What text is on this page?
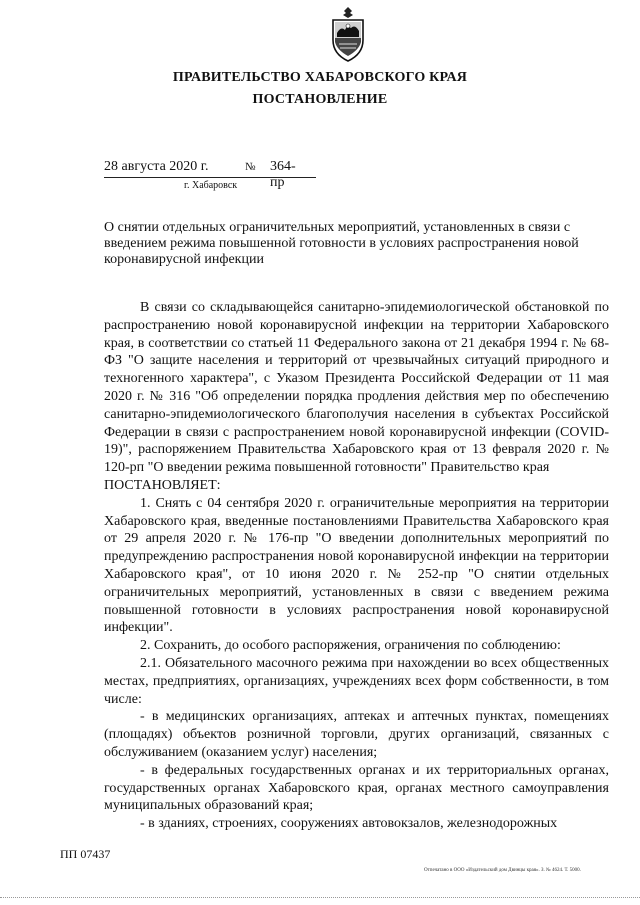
ПРАВИТЕЛЬСТВО ХАБАРОВСКОГО КРАЯ
ПОСТАНОВЛЕНИЕ
28 августа 2020 г.	№ 364-пр
г. Хабаровск
О снятии отдельных ограничительных мероприятий, установленных в связи с введением режима повышенной готовности в условиях распространения новой коронавирусной инфекции

В связи со складывающейся санитарно-эпидемиологической обстановкой по распространению новой коронавирусной инфекции на территории Хабаровского края, в соответствии со статьей 11 Федерального закона от 21 декабря 1994 г. № 68-ФЗ "О защите населения и территорий от чрезвычайных ситуаций природного и техногенного характера", с Указом Президента Российской Федерации от 11 мая 2020 г. № 316 "Об определении порядка продления действия мер по обеспечению санитарно-эпидемиологического благополучия населения в субъектах Российской Федерации в связи с распространением новой коронавирусной инфекции (COVID-19)", распоряжением Правительства Хабаровского края от 13 февраля 2020 г. № 120-рп "О введении режима повышенной готовности" Правительство края

ПОСТАНОВЛЯЕТ:

1. Снять с 04 сентября 2020 г. ограничительные мероприятия на территории Хабаровского края, введенные постановлениями Правительства Хабаровского края от 29 апреля 2020 г. № 176-пр "О введении дополнительных мероприятий по предупреждению распространения новой коронавирусной инфекции на территории Хабаровского края", от 10 июня 2020 г. № 252-пр "О снятии отдельных ограничительных мероприятий, установленных в связи с введением режима повышенной готовности в условиях распространения новой коронавирусной инфекции".

2. Сохранить, до особого распоряжения, ограничения по соблюдению:

2.1. Обязательного масочного режима при нахождении во всех общественных местах, предприятиях, организациях, учреждениях всех форм собственности, в том числе:

- в медицинских организациях, аптеках и аптечных пунктах, помещениях (площадях) объектов розничной торговли, других организаций, связанных с обслуживанием (оказанием услуг) населения;

- в федеральных государственных органах и их территориальных органах, государственных органах Хабаровского края, органах местного самоуправления муниципальных образований края;

- в зданиях, строениях, сооружениях автовокзалов, железнодорожных

ПП 07437
Отпечатано в ООО «Издательский дом Двинцы края». З. № 4624. Т. 5000.
